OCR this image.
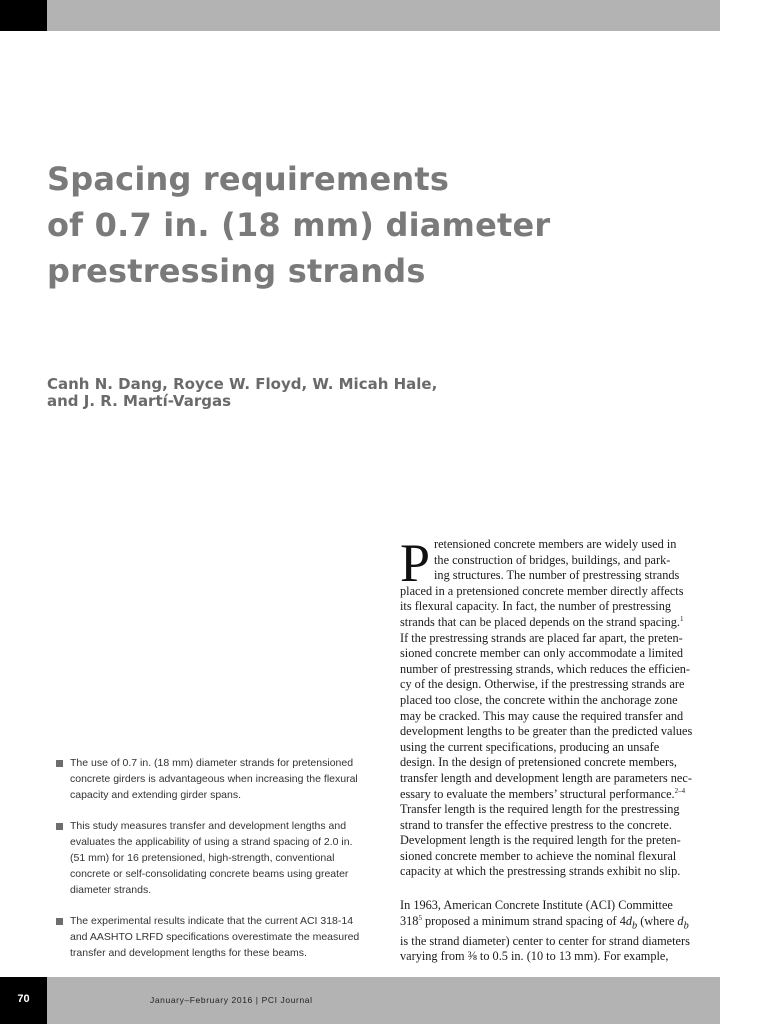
Spacing requirements
of 0.7 in. (18 mm) diameter
prestressing strands

Canh N. Dang, Royce W. Floyd, W. Micah Hale,
and J. R. Martí-Vargas

The use of 0.7 in. (18 mm) diameter strands for pretensioned
concrete girders is advantageous when increasing the flexural
capacity and extending girder spans.
This study measures transfer and development lengths and
evaluates the applicability of using a strand spacing of 2.0 in.
(51 mm) for 16 pretensioned, high-strength, conventional
concrete or self-consolidating concrete beams using greater
diameter strands.
The experimental results indicate that the current ACI 318-14
and AASHTO LRFD specifications overestimate the measured
transfer and development lengths for these beams.
P retensioned concrete members are widely used in
the construction of bridges, buildings, and park-
ing structures. The number of prestressing strands
placed in a pretensioned concrete member directly affects
its flexural capacity. In fact, the number of prestressing
strands that can be placed depends on the strand spacing.$^1$
If the prestressing strands are placed far apart, the preten-
sioned concrete member can only accommodate a limited
number of prestressing strands, which reduces the efficien-
cy of the design. Otherwise, if the prestressing strands are
placed too close, the concrete within the anchorage zone
may be cracked. This may cause the required transfer and
development lengths to be greater than the predicted values
using the current specifications, producing an unsafe
design. In the design of pretensioned concrete members,
transfer length and development length are parameters nec-
essary to evaluate the members’ structural performance.$^{2-4}$
Transfer length is the required length for the prestressing
strand to transfer the effective prestress to the concrete.
Development length is the required length for the preten-
sioned concrete member to achieve the nominal flexural
capacity at which the prestressing strands exhibit no slip.
In 1963, American Concrete Institute (ACI) Committee
$318^5$ proposed a minimum strand spacing of $4d_b$ (where $d_b$
is the strand diameter) center to center for strand diameters
varying from ⅜ to 0.5 in. (10 to 13 mm). For example,
70	January–February 2016 | PCI Journal
